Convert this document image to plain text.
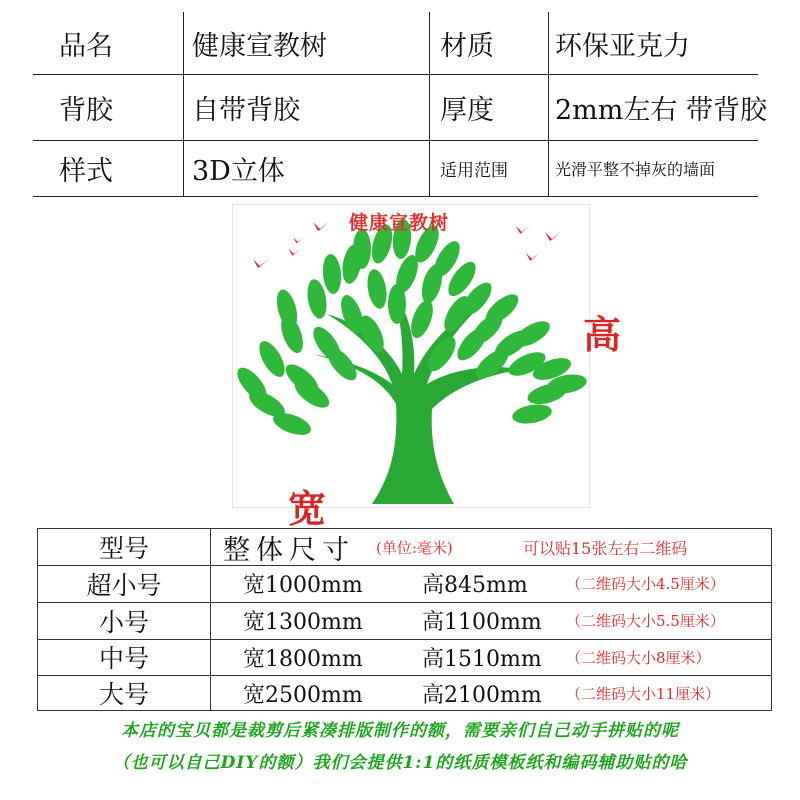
品名	健康宣教树	材质	环保亚克力
背胶	自带背胶	厚度	2mm左右 带背胶
样式	3D立体	适用范围	光滑平整不掉灰的墙面
健康宣教树
高
宽
型号	整体尺寸 (单位:毫米)	可以贴15张左右二维码
超小号	宽1000mm	高845mm	（二维码大小4.5厘米）
小号	宽1300mm	高1100mm （二维码大小5.5厘米）
中号	宽1800mm	高1510mm （二维码大小8厘米）
大号	宽2500mm	高2100mm （二维码大小11厘米）
本店的宝贝都是裁剪后紧凑排版制作的额，需要亲们自己动手拼贴的呢
（也可以自己DIY的额）我们会提供1:1的纸质模板纸和编码辅助贴的哈
